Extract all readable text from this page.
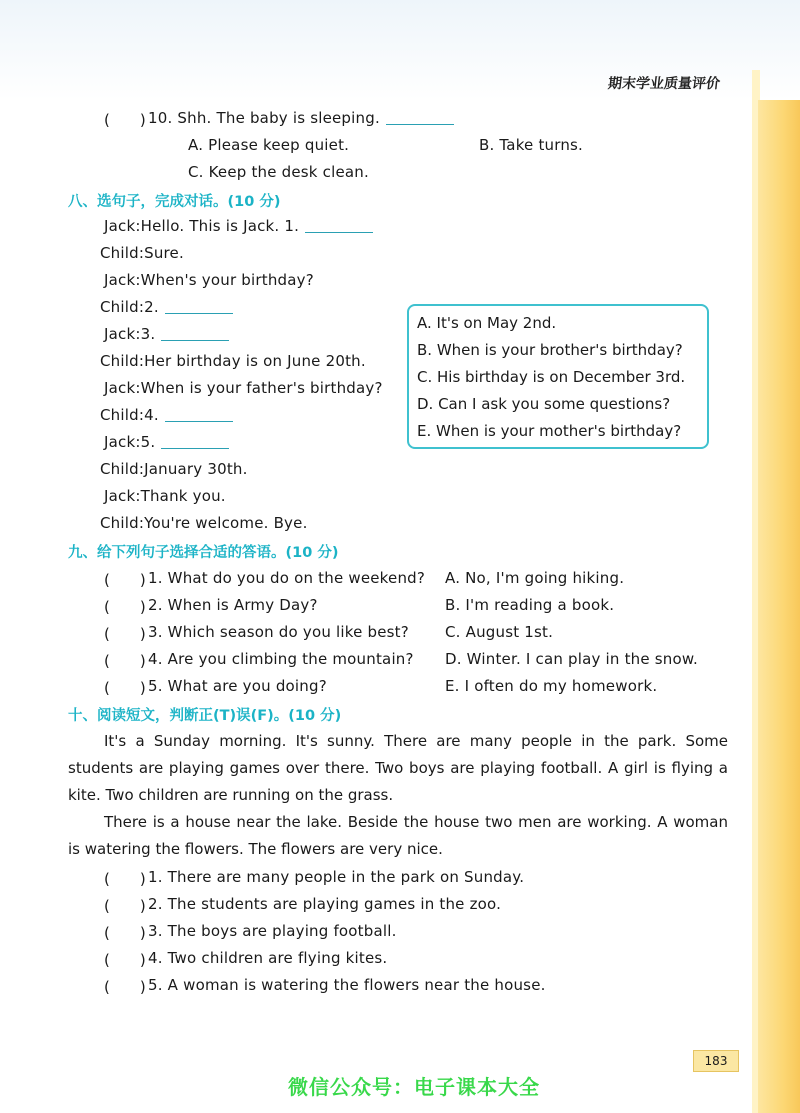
期末学业质量评价
(　　) 10. Shh. The baby is sleeping.
A. Please keep quiet.	B. Take turns.
C. Keep the desk clean.
八、选句子，完成对话。(10 分)
Jack:Hello. This is Jack. 1.
Child:Sure.
Jack:When's your birthday?
Child:2.
Jack:3.
Child:Her birthday is on June 20th.
Jack:When is your father's birthday?
Child:4.
Jack:5.
Child:January 30th.
Jack:Thank you.
Child:You're welcome. Bye.
A. It's on May 2nd.
B. When is your brother's birthday?
C. His birthday is on December 3rd.
D. Can I ask you some questions?
E. When is your mother's birthday?
九、给下列句子选择合适的答语。(10 分)
(　　) 1. What do you do on the weekend? A. No, I'm going hiking.
(　　) 2. When is Army Day?	B. I'm reading a book.
(　　) 3. Which season do you like best? C. August 1st.
(　　) 4. Are you climbing the mountain? D. Winter. I can play in the snow.
(　　) 5. What are you doing?	E. I often do my homework.
十、阅读短文，判断正(T)误(F)。(10 分)
It's a Sunday morning. It's sunny. There are many people in the park. Some students are playing games over there. Two boys are playing football. A girl is flying a kite. Two children are running on the grass.
There is a house near the lake. Beside the house two men are working. A woman is watering the flowers. The flowers are very nice.
(　　) 1. There are many people in the park on Sunday.
(　　) 2. The students are playing games in the zoo.
(　　) 3. The boys are playing football.
(　　) 4. Two children are flying kites.
(　　) 5. A woman is watering the flowers near the house.
183
微信公众号：电子课本大全
